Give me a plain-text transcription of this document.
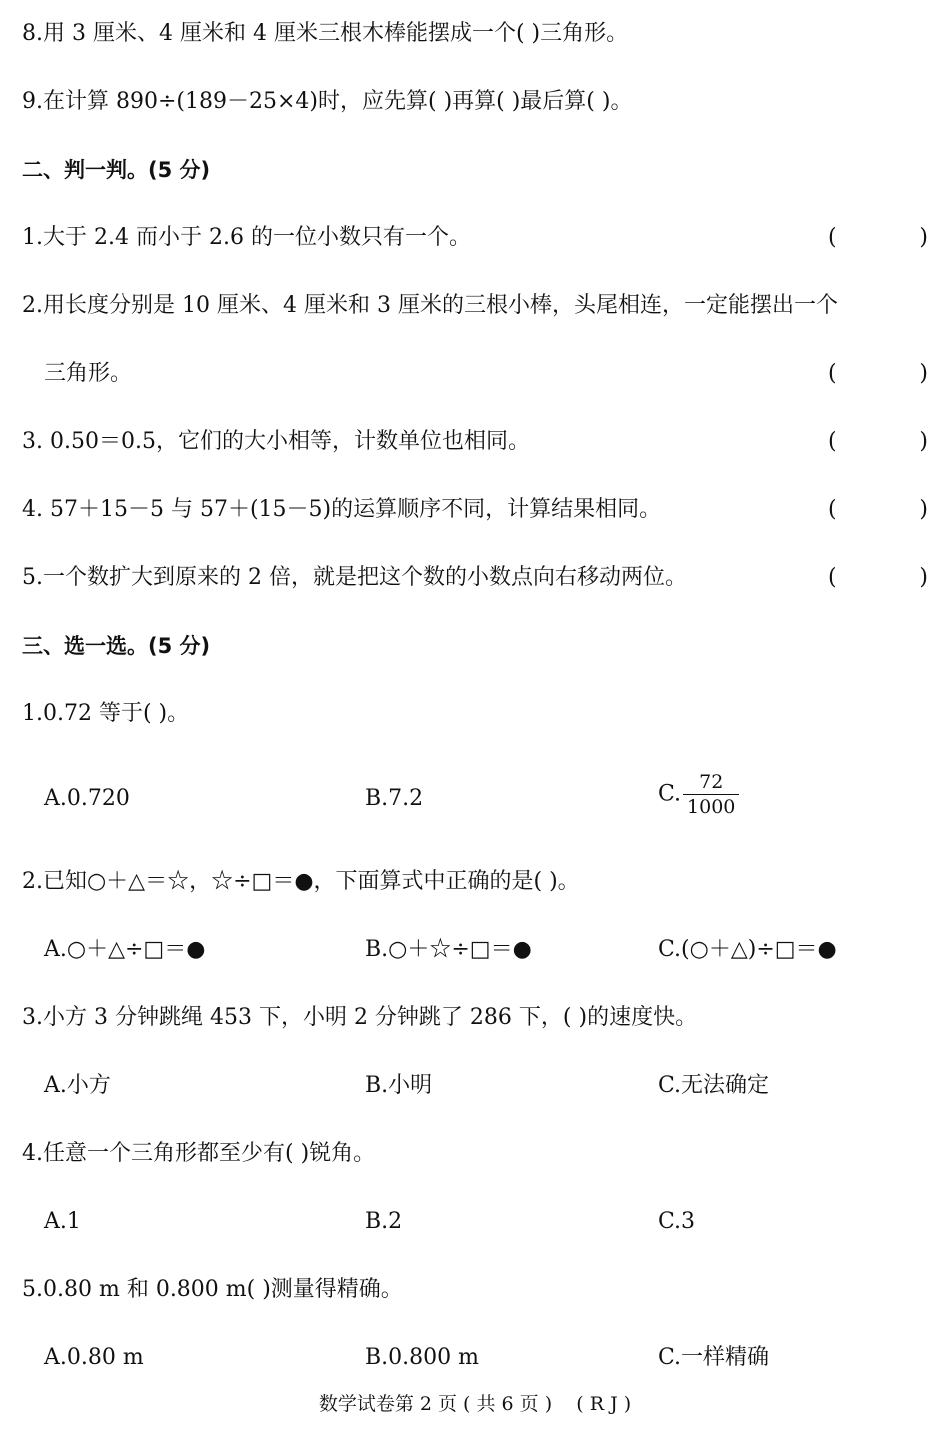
8.用 3 厘米、4 厘米和 4 厘米三根木棒能摆成一个( )三角形。
9.在计算 890÷(189－25×4)时，应先算( )再算( )最后算( )。
二、判一判。(5 分)
1.大于 2.4 而小于 2.6 的一位小数只有一个。	(	)
2.用长度分别是 10 厘米、4 厘米和 3 厘米的三根小棒，头尾相连，一定能摆出一个
三角形。	(	)
3. 0.50＝0.5，它们的大小相等，计数单位也相同。	(	)
4. 57＋15－5 与 57＋(15－5)的运算顺序不同，计算结果相同。	(	)
5.一个数扩大到原来的 2 倍，就是把这个数的小数点向右移动两位。	(	)
三、选一选。(5 分)
1.0.72 等于( )。
A.0.720	B.7.2	C. $\frac{72}{1000}$
2.已知○＋△＝☆，☆÷□＝●，下面算式中正确的是( )。
A.○＋△÷□＝●	B.○＋☆÷□＝●	C.(○＋△)÷□＝●
3.小方 3 分钟跳绳 453 下，小明 2 分钟跳了 286 下，( )的速度快。
A.小方	B.小明	C.无法确定
4.任意一个三角形都至少有( )锐角。
A.1	B.2	C.3
5.0.80 m 和 0.800 m( )测量得精确。
A.0.80 m	B.0.800 m	C.一样精确
数学试卷第 2 页 ( 共 6 页 )    ( R J )
